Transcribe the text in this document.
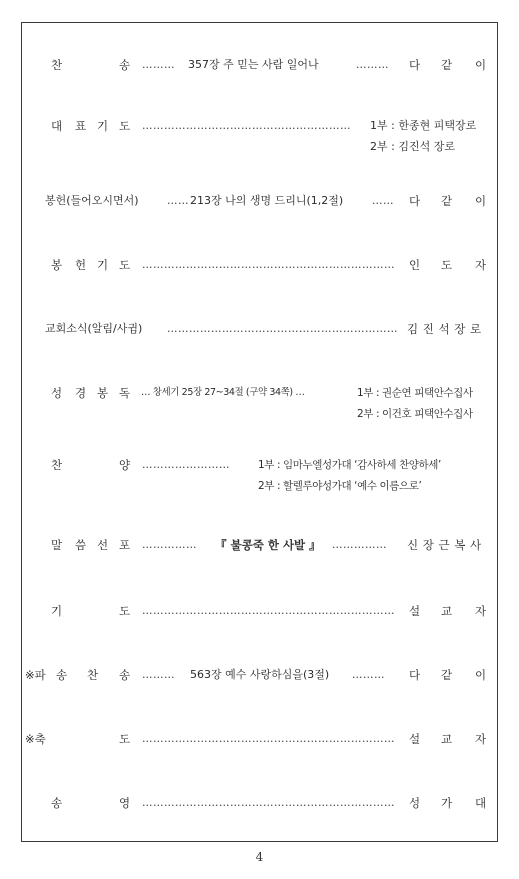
찬	송 ……… 357장 주 믿는 사람 일어나	……… 다 같 이
대 표 기 도 …………………………………………………	1부 : 한종현 피택장로
2부 : 김진석 장로
봉헌(들어오시면서)	…… 213장 나의 생명 드리니(1,2절)	…… 다 같 이
봉 헌 기 도 ……………………………………………………………	인 도 자
교회소식(알림/사귐) ……………………………………………………… 김 진 석 장 로
성 경 봉 독 … 창세기 25장 27~34절 (구약 34쪽) …	1부 : 권순연 피택안수집사
2부 : 이건호 피택안수집사
찬	양 ……………………	1부 : 임마누엘성가대 ‘감사하세 찬양하세’
2부 : 할렐루야성가대 ‘예수 이름으로’
말 씀 선 포 …………… 『 불콩죽 한 사발 』 …………… 신 장 근 복 사
기	도 ……………………………………………………………	설 교 자
※파 송 찬 송 ……… 563장 예수 사랑하심을(3절) ……… 다 같 이
※축	도 ……………………………………………………………	설 교 자
송	영 ……………………………………………………………	성 가 대
4
